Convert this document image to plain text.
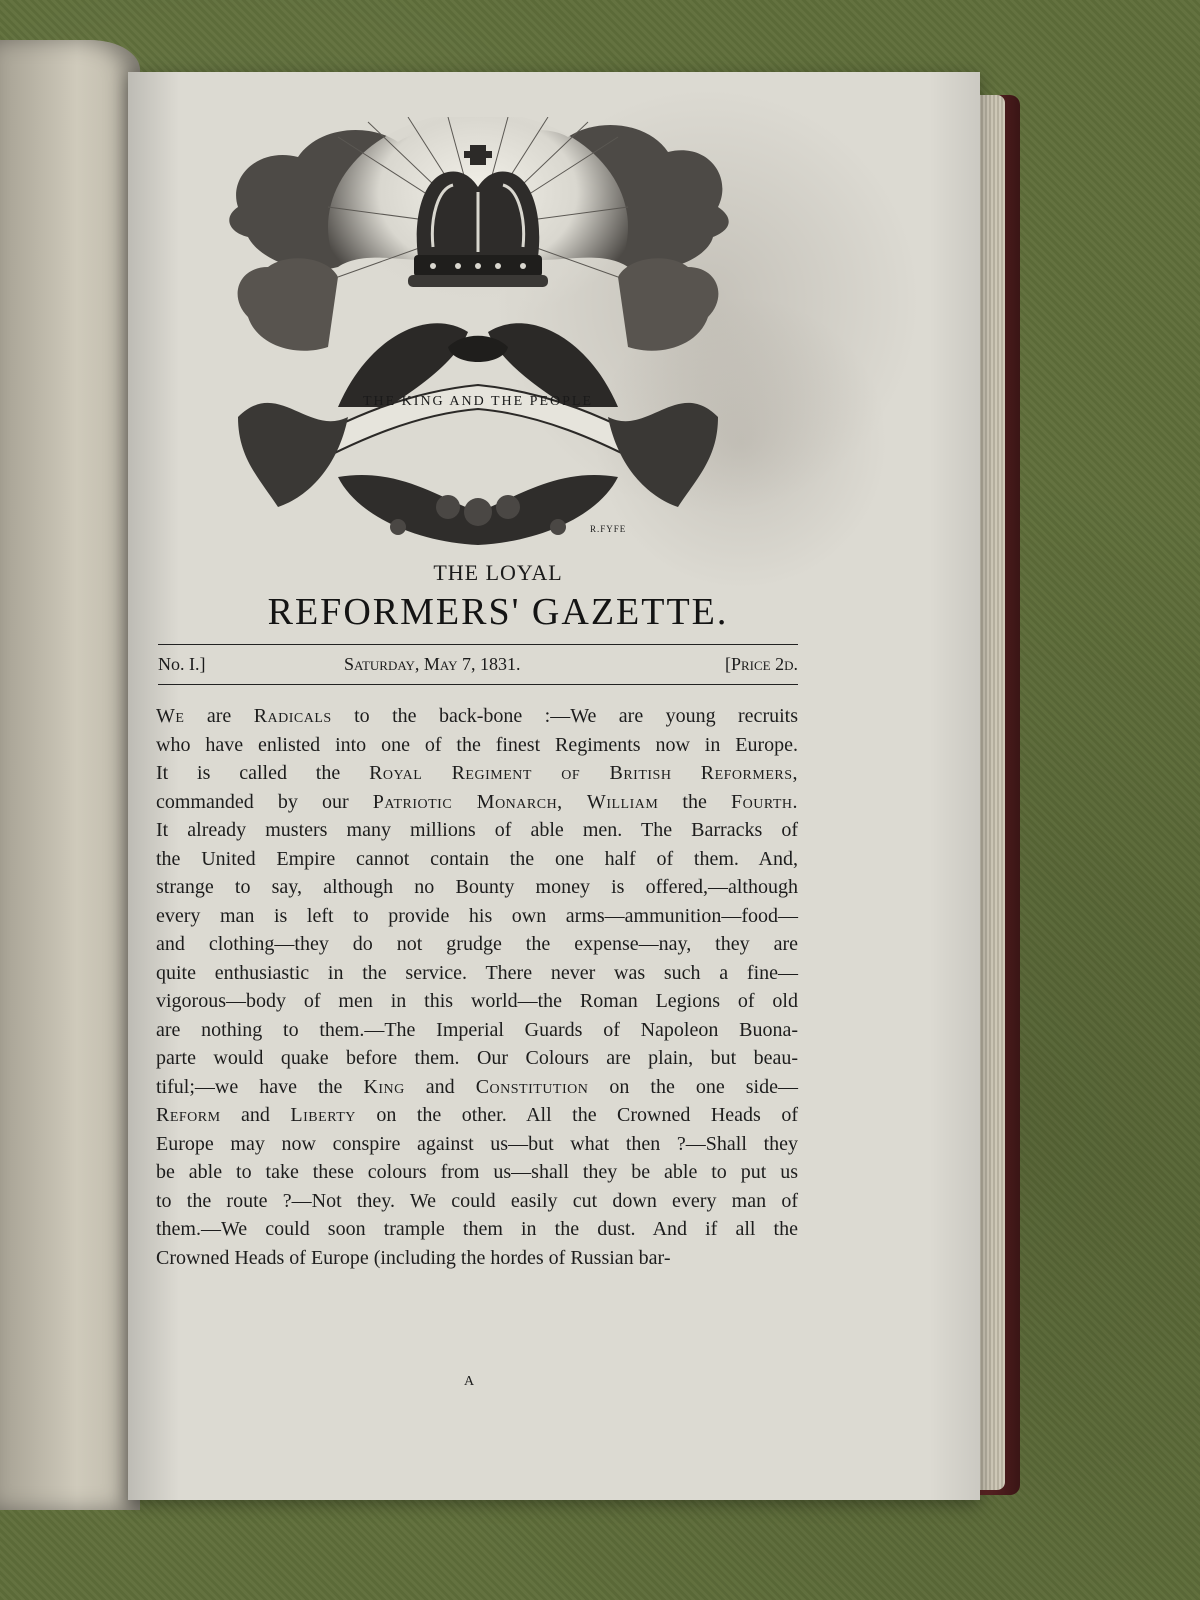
THE KING AND THE PEOPLE
R.FYFE
THE LOYAL
REFORMERS' GAZETTE.
No. I.]	Saturday, May 7, 1831.	[Price 2d.
We are Radicals to the back-bone :—We are young recruits
who have enlisted into one of the finest Regiments now in Europe.
It is called the Royal Regiment of British Reformers,
commanded by our Patriotic Monarch, William the Fourth.
It already musters many millions of able men. The Barracks of
the United Empire cannot contain the one half of them. And,
strange to say, although no Bounty money is offered,—although
every man is left to provide his own arms—ammunition—food—
and clothing—they do not grudge the expense—nay, they are
quite enthusiastic in the service. There never was such a fine—
vigorous—body of men in this world—the Roman Legions of old
are nothing to them.—The Imperial Guards of Napoleon Buona-
parte would quake before them. Our Colours are plain, but beau-
tiful;—we have the King and Constitution on the one side—
Reform and Liberty on the other. All the Crowned Heads of
Europe may now conspire against us—but what then ?—Shall they
be able to take these colours from us—shall they be able to put us
to the route ?—Not they. We could easily cut down every man of
them.—We could soon trample them in the dust. And if all the
Crowned Heads of Europe (including the hordes of Russian bar-
A
